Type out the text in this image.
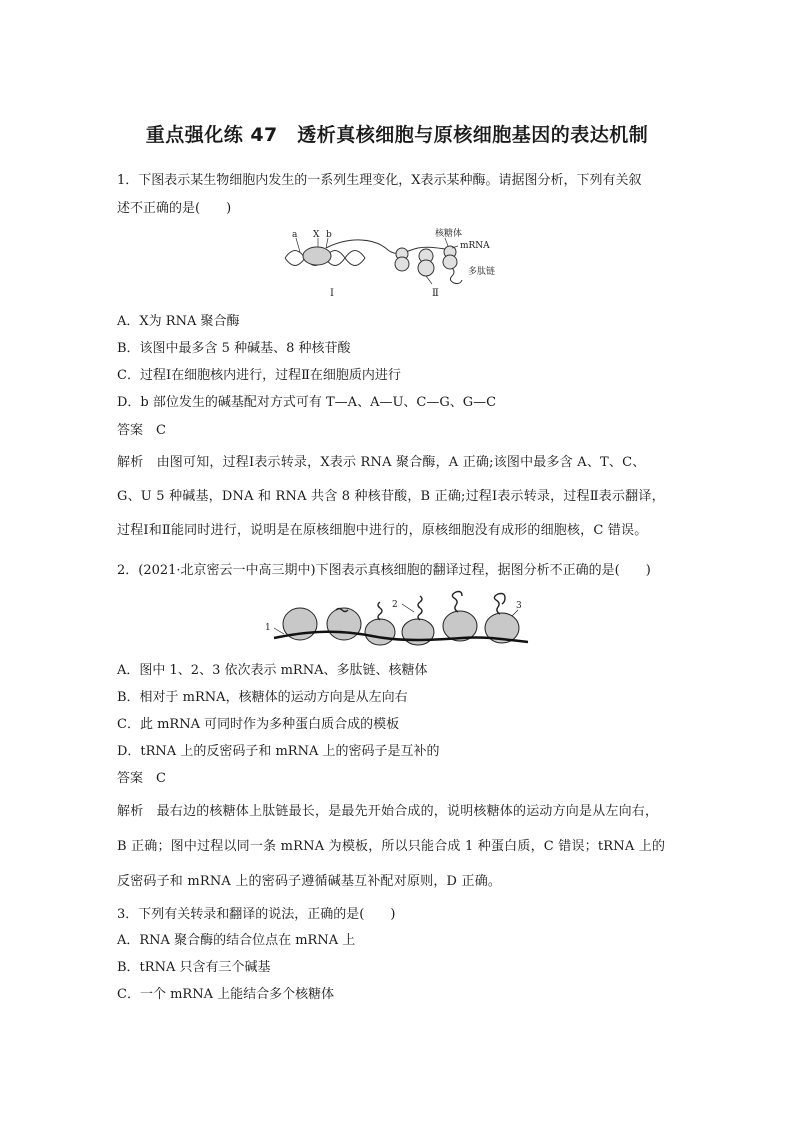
重点强化练 47　透析真核细胞与原核细胞基因的表达机制
1．下图表示某生物细胞内发生的一系列生理变化，X表示某种酶。请据图分析，下列有关叙
述不正确的是(　　)
a X b	核糖体
mRNA
多肽链
Ⅰ	Ⅱ
A．X为 RNA 聚合酶
B．该图中最多含 5 种碱基、8 种核苷酸
C．过程Ⅰ在细胞核内进行，过程Ⅱ在细胞质内进行
D．b 部位发生的碱基配对方式可有 T—A、A—U、C—G、G—C
答案　C
解析　由图可知，过程Ⅰ表示转录，X表示 RNA 聚合酶，A 正确;该图中最多含 A、T、C、
G、U 5 种碱基，DNA 和 RNA 共含 8 种核苷酸，B 正确;过程Ⅰ表示转录，过程Ⅱ表示翻译，
过程Ⅰ和Ⅱ能同时进行，说明是在原核细胞中进行的，原核细胞没有成形的细胞核，C 错误。
2．(2021·北京密云一中高三期中)下图表示真核细胞的翻译过程，据图分析不正确的是(　　)
1
2	3
A．图中 1、2、3 依次表示 mRNA、多肽链、核糖体
B．相对于 mRNA，核糖体的运动方向是从左向右
C．此 mRNA 可同时作为多种蛋白质合成的模板
D．tRNA 上的反密码子和 mRNA 上的密码子是互补的
答案　C
解析　最右边的核糖体上肽链最长，是最先开始合成的，说明核糖体的运动方向是从左向右，
B 正确；图中过程以同一条 mRNA 为模板，所以只能合成 1 种蛋白质，C 错误；tRNA 上的
反密码子和 mRNA 上的密码子遵循碱基互补配对原则，D 正确。
3．下列有关转录和翻译的说法，正确的是(　　)
A．RNA 聚合酶的结合位点在 mRNA 上
B．tRNA 只含有三个碱基
C．一个 mRNA 上能结合多个核糖体
